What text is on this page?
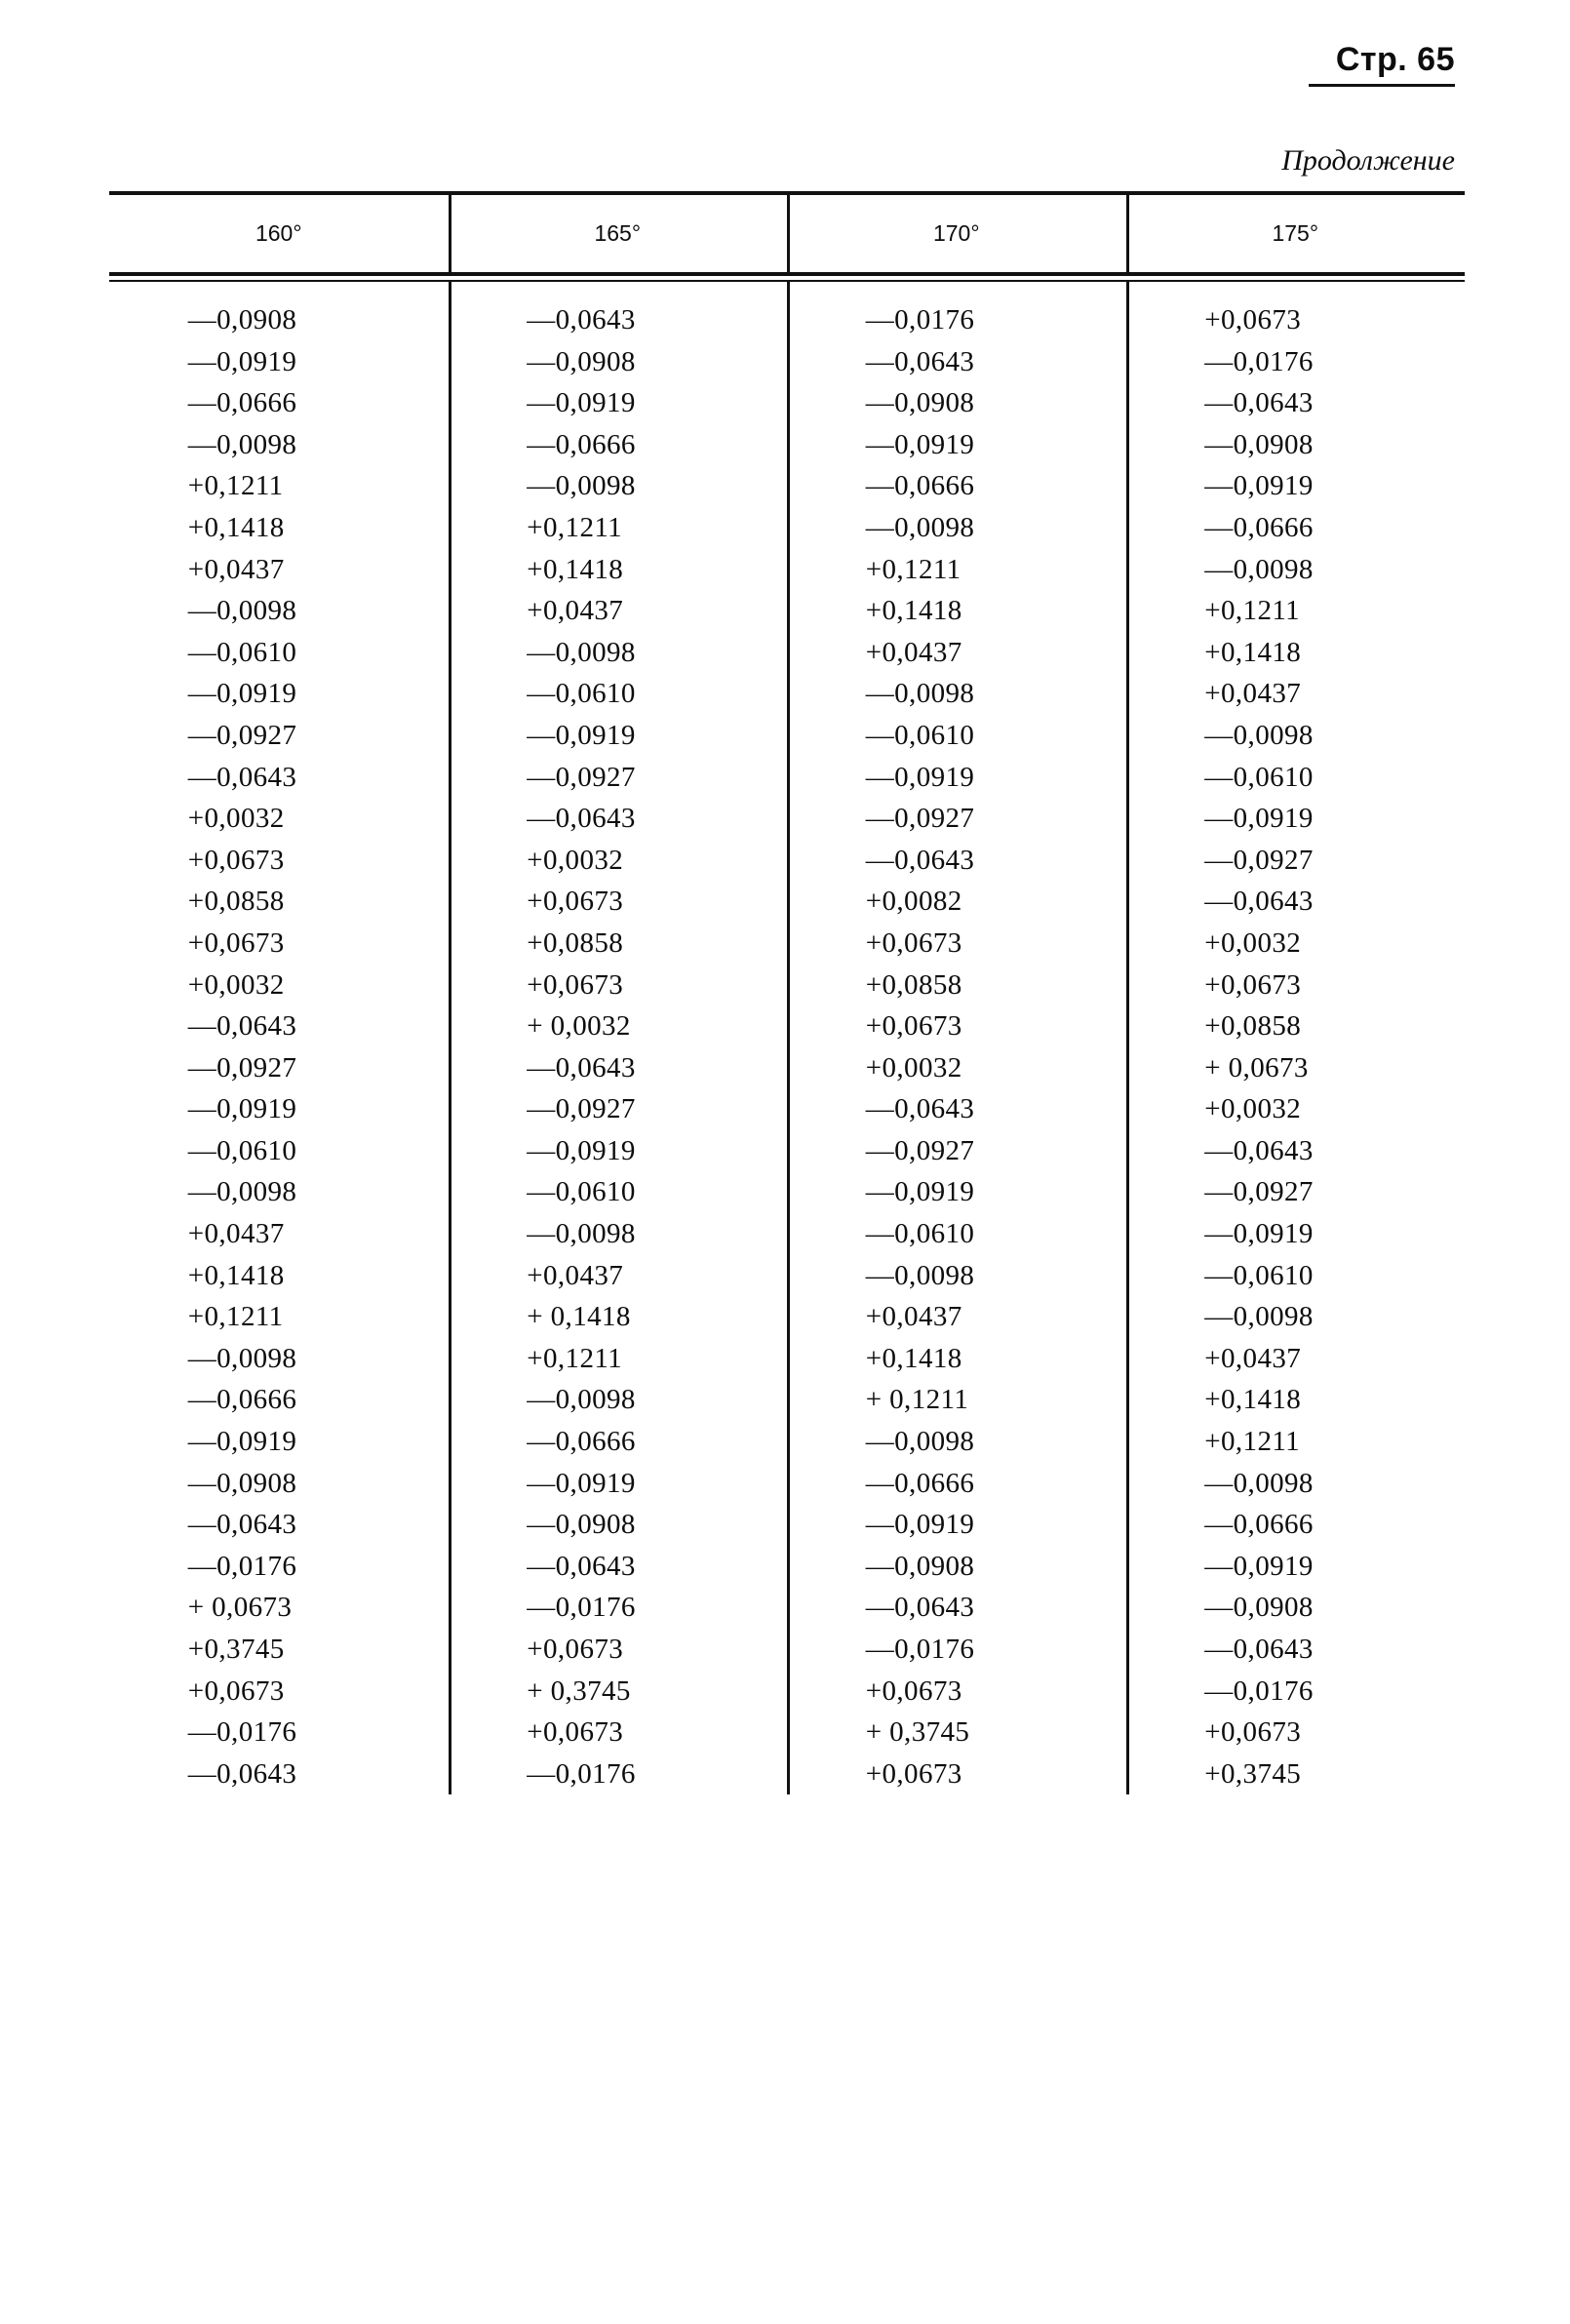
Стр. 65
Продолжение
160°	165°	170°	175°
—0,0908	—0,0643	—0,0176	+0,0673
—0,0919	—0,0908	—0,0643	—0,0176
—0,0666	—0,0919	—0,0908	—0,0643
—0,0098	—0,0666	—0,0919	—0,0908
+0,1211	—0,0098	—0,0666	—0,0919
+0,1418	+0,1211	—0,0098	—0,0666
+0,0437	+0,1418	+0,1211	—0,0098
—0,0098	+0,0437	+0,1418	+0,1211
—0,0610	—0,0098	+0,0437	+0,1418
—0,0919	—0,0610	—0,0098	+0,0437
—0,0927	—0,0919	—0,0610	—0,0098
—0,0643	—0,0927	—0,0919	—0,0610
+0,0032	—0,0643	—0,0927	—0,0919
+0,0673	+0,0032	—0,0643	—0,0927
+0,0858	+0,0673	+0,0082	—0,0643
+0,0673	+0,0858	+0,0673	+0,0032
+0,0032	+0,0673	+0,0858	+0,0673
—0,0643	+ 0,0032	+0,0673	+0,0858
—0,0927	—0,0643	+0,0032	+ 0,0673
—0,0919	—0,0927	—0,0643	+0,0032
—0,0610	—0,0919	—0,0927	—0,0643
—0,0098	—0,0610	—0,0919	—0,0927
+0,0437	—0,0098	—0,0610	—0,0919
+0,1418	+0,0437	—0,0098	—0,0610
+0,1211	+ 0,1418	+0,0437	—0,0098
—0,0098	+0,1211	+0,1418	+0,0437
—0,0666	—0,0098	+ 0,1211	+0,1418
—0,0919	—0,0666	—0,0098	+0,1211
—0,0908	—0,0919	—0,0666	—0,0098
—0,0643	—0,0908	—0,0919	—0,0666
—0,0176	—0,0643	—0,0908	—0,0919
+ 0,0673	—0,0176	—0,0643	—0,0908
+0,3745	+0,0673	—0,0176	—0,0643
+0,0673	+ 0,3745	+0,0673	—0,0176
—0,0176	+0,0673	+ 0,3745	+0,0673
—0,0643	—0,0176	+0,0673	+0,3745
